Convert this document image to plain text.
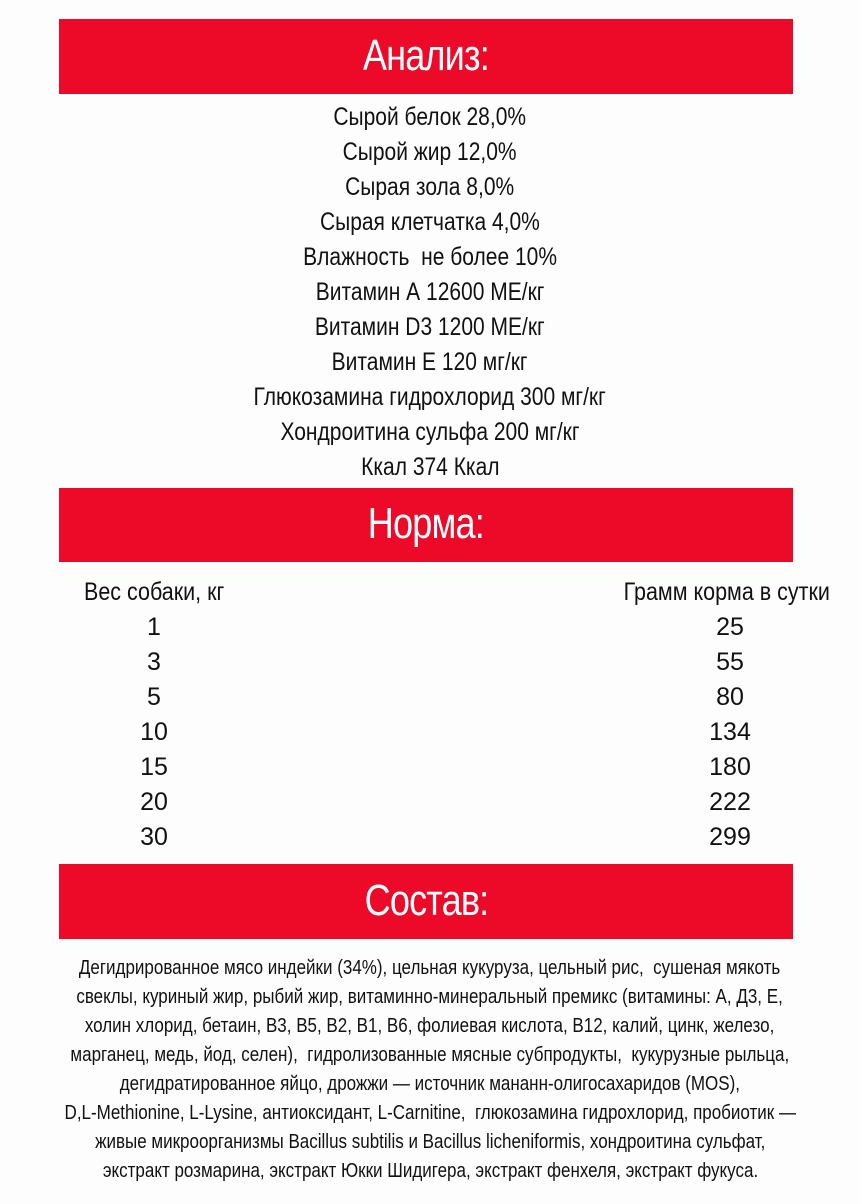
Анализ:
Сырой белок 28,0%
Сырой жир 12,0%
Сырая зола 8,0%
Сырая клетчатка 4,0%
Влажность  не более 10%
Витамин А 12600 МЕ/кг
Витамин D3 1200 МЕ/кг
Витамин Е 120 мг/кг
Глюкозамина гидрохлорид 300 мг/кг
Хондроитина сульфа 200 мг/кг
Ккал 374 Ккал
Норма:
Вес собаки, кг	Грамм корма в сутки
1	25
3	55
5	80
10	134
15	180
20	222
30	299
Состав:
Дегидрированное мясо индейки (34%), цельная кукуруза, цельный рис,  сушеная мякоть
свеклы, куриный жир, рыбий жир, витаминно-минеральный премикс (витамины: А, Д3, Е,
холин хлорид, бетаин, В3, В5, В2, В1, В6, фолиевая кислота, В12, калий, цинк, железо,
марганец, медь, йод, селен),  гидролизованные мясные субпродукты,  кукурузные рыльца,
дегидратированное яйцо, дрожжи — источник мананн-олигосахаридов (MOS),
D,L-Methionine, L-Lysine, антиоксидант, L-Carnitine,  глюкозамина гидрохлорид, пробиотик —
живые микроорганизмы Bacillus subtilis и Bacillus licheniformis, хондроитина сульфат,
экстракт розмарина, экстракт Юкки Шидигера, экстракт фенхеля, экстракт фукуса.
